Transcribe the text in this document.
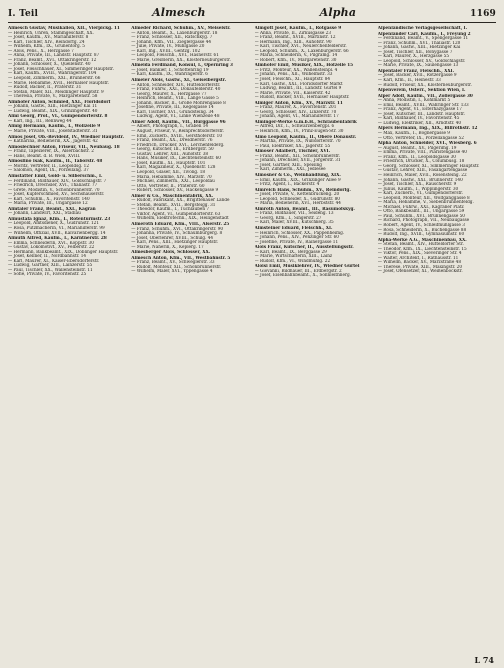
I. Teil	Almesch	Alpha	1169
Almesch Gustav, Musikalien, XII., Vierpickg. 11
— Heinrich, Uhren, Stammgeschäft, XX.
— Josef, Kaufm., XV., Mariahilferstr. 8
— Karl, Tischler, XIV., Reindorfg. 24
— Wilhelm, Kfm., IX., Grünentorg. 5
— Alois, Pens., X., Herzgasse 7
— Anna, Private, III., Landstr. Hauptstr. 87
— Franz, Beamt., XVI., Ottakringerstr. 12
— Johann, Schlosser, X., Quellenstr. 40
— Josef, Fleischhauer, XI., Simmeringer Hauptstr.
— Karl, Kaufm., XVIII., Währingerstr. 104
— Leopold, Zimmerm., XXI., Brünnerstr. 66
— Marie, Hebamme, XVII., Hernalser Hauptstr.
— Rudolf, Bäcker, II., Praterstr. 31
— Stefan, Maler, XII., Meidlinger Hauptstr. 9
— Theresia, Private, V., Margaretenstr. 58
Almhofer Anton, Schmied, XXI., Floridsdorf
— Johann, Gastw., XIII., Hietzinger Kai 11
— Ludwig, Beamt., XIX., Grinzingerstr. 40
Almi Georg, Prof., VI., Gumpendorferstr. 8
— Karl, Ing., III., Rennweg 44
Almig Hermann, Kaufm., I., Wollzeile 9
— Marie, Private, VIII., Josefstädterstr. 31
Almos Josef, Ob.-Revident, IV., Wiedner Hauptstr.
— Katharina, Bedienerin, XX., Jägerstr. 42
Almoslechner Anton, Friseur, VII., Neubaug. 18
— Franz, Tapezierer, IX., Alserbachstr. 2
— Hans, Beamt. d. B. Wien, XVIII.
Almoslino Isak, Kaufm., II., Taborstr. 48
— Moritz, Vertreter, II., Leopoldsg. 12
— Salomon, Agent, IX., Porzellang. 37
Almstätter Emil, Gold- u. Silberschm., I.
— Ferdinand, Bildhauer, XIV., Goldschlagstr. 7
— Friedrich, Drechsler, XVI., Thaliastr. 77
— Grete, Modistin, V., Schönbrunnerstr. 70
— Josef, Kupferschmied, XV., Sechshauserstr.
— Karl, Schuhm., X., Favoritenstr. 140
— Maria, Private, III., Ungargasse 12
Almtaler Franz, Beamt., XXI., Kagran
— Johann, Landwirt, XXI., Stadlau
Almustafa Ignaz, Kfm., I., Rotenturmstr. 23
— Leopold, Amtsdiener, X., Gudrunstr. 121
— Rosa, Putzmacherin, VI., Mariahilferstr. 99
— Wilhelm, Offizial, XVII., Kalvarienbergg. 14
Almuth Alfred, Kaufm., I., Kärntnerstr. 28
— Emma, Schneiderin, XVI., Koppstr. 30
— Gustav, Lokomotivf., XV., Felberstr. 22
— Hermann, Bankbeamt., XIX., Döblinger Hauptstr.
— Josef, Kellner, II., Nordbahnstr. 14
— Karl, Maurer, XI., Kaiser-Ebersdorferstr.
— Ludwig, Gärtner, XIII., Lainzerstr. 55
— Paul, Tischler, XX., Wallensteinstr. 11
— Sofie, Private, IV., Favoritenstr. 25
Almeder Richard, Schuhm., XV., Meiselstr.
— Anton, Beamt., X., Laxenburgerstr. 18
— Franz, Schlosser, XII., Ratschkyg. 7
— Johann, Kfm., VII., Zieglergasse 44
— Julie, Private, IV., Mühlgasse 20
— Karl, Ing., XVIII., Gentzg. 102
— Leopold, Fleischh., XVI., Hasnerstr. 61
— Marie, Greißlerin, XX., Klosterneuburgerstr.
Almeida Ferdinand, Konsul, I., Opernring 3
— Josef, Bankier, I., Schottenring 19
— Karl, Kaufm., IX., Währingerstr. 6
Almeier Alois, Gastw., XI., Geiselbergstr.
— Anton, Schneider, XIV., Hütteldorferstr.
— Franz, Fuhrw., XXI., Donaufelderstr. 40
— Georg, Maurer, X., Herzgasse 77
— Heinrich, Beamt., VIII., Lange Gasse 5
— Johann, Bäcker, II., Große Mohrengasse 8
— Josefine, Private, III., Kegelgasse 14
— Karl, Tischler, XVI., Grundsteing. 34
— Ludwig, Agent, VI., Linke Wienzeile 48
Almer Adolf, Kaufm., VII., Burggasse 96
— Albert, Photograph, I., Graben 14
— August, Friseur, V., Reinprechtsdorferstr.
— Emil, Zuckerb., XVIII., Gersthoferstr. 10
— Franz, Beamt., XX., Dresdnerstr. 76
— Friedrich, Drucker, XVI., Lerchenfelderg.
— Georg, Kutscher, III., Erdbergstr. 50
— Gustav, Lehrer, XIII., Auhofstr. 38
— Hans, Musiker, IX., Liechtensteinstr. 60
— Josef, Kaufm., XI., Hauptstr. 101
— Karl, Magazineur, X., Quellenstr. 128
— Leopold, Glaser, XII., Tivolig. 18
— Maria, Hebamme, XIV., Märzstr. 70
— Michael, Zimmerm., XXI., Leopoldau
— Otto, Vertreter, II., Praterstr. 60
— Robert, Schlosser, XV., Hackengasse 9
Almer & Co., Maschinenfabrik, XX.
— Rudolf, Fabrikant, XX., Brigittenauer Lände
— Stefan, Beamt., XVII., Bergsteigg. 31
— Theodor, Kaufm., I., Tuchlauben 7
— Viktor, Agent, VI., Gumpendorferstr. 63
— Wilhelm, Elektrotechn., XIX., Heiligenstadt
Almeroth Eduard, Kfm., VIII., Alserstr. 25
— Franz, Schuhm., XVI., Ottakringerstr. 90
— Johanna, Private, IV., Schaumburgerg. 8
— Josef, Oberlehrer, XVIII., Schulg. 44
— Karl, Pens., XIII., Hietzinger Hauptstr.
— Marie, Näherin, X., Keplerg. 17
Almesberger Alois, Schlosser, XX.
Almesch Anton, Kfm., VII., Westbahnstr. 5
— Franz, Beamt., XV., Schweglerstr. 33
— Rudolf, Monteur, XII., Schönbrunnerstr.
— Wilhelm, Maler, XVI., Yppengasse 4
Almgott Josef, Kaufm., I., Rotgasse 9
— Anna, Private, II., Zirkusgasse 23
— Franz, Beamt., XVIII., Martinstr. 12
— Hermann, Ing., XIII., Auhofstr. 90
— Karl, Tischler, XVI., Neulerchenfelderstr.
— Leopold, Schuhm., X., Laxenburgerstr. 66
— Maria, Schneiderin, V., Pilgramg. 14
— Robert, Kfm., IV., Margaretenstr. 30
Almhofer Emil, Musiker, XIX., Hofzeile 15
— Fritz, Monteur, XX., Wallensteinpl. 4
— Johann, Pens., XII., Wilhelmstr. 33
— Josef, Fleischh., XI., Hauptstr. 84
— Karl, Gastw., XXI., Floridsdorfer Markt
— Ludwig, Beamt., III., Landstr. Gürtel 9
— Marie, Private, VII., Kaiserstr. 42
— Rudolf, Bäcker, XVII., Hernalser Hauptstr.
Almiger Anton, Kfm., XV., Märzstr. 11
— Franz, Maurer, X., Favoritenstr. 201
— Georg, Schlosser, XIV., Linzerstr. 70
— Johann, Agent, VI., Mariahilferstr. 17
Alminger-Werke G.m.b.H., Schraubenfabrik
— Alfred, Dir., I., Schwarzenbergpl. 6
— Heinrich, Kfm., IV., Prinz-Eugen-Str. 30
Almo Leopold, Kaufm., II., Obere Donaustr.
— Martha, Private, IX., Nußdorferstr. 70
— Paul, Elektriker, XX., Jägerstr. 55
Almoser Adalbert, Tischler, XVI.
— Franz, Beamt., XII., Schönbrunnerstr.
— Johann, Drechsler, XVII., Jörgerstr. 31
— Josef, Gärtner, XIII., Speising
— Karl, Zimmerm., XXI., Jedlesee
Almosner & Co., Weinhandlung, XIX.
— Emil, Kaufm., XIX., Grinzinger Allee 9
— Fritz, Agent, I., Bäckerstr. 4
Almreich Hans, Schuhm., XV., Reindorfg.
— Josef, Private, V., Kettenbrückeng. 20
— Leopold, Schneider, X., Gudrunstr. 80
— Maria, Bedienerin, XVI., Herbststr. 44
Almroth Anton, Beamt., III., Rasumofskyg.
— Franz, Bildhauer, VII., Seideng. 13
— Georg, Kfm., I., Singerstr. 27
— Karl, Maler, XVIII., Kutschkerg. 35
Almsteiner Eduard, Fleischh., XI.
— Heinrich, Schlosser, XX., Pappenheimg.
— Johann, Pens., XIV., Penzinger Str. 60
— Josefine, Private, IV., Rainergasse 11
Alois Franz, Kutscher, II., Ausstellungsstr.
— Karl, Beamt., IX., Berggasse 29
— Marie, Wirtschafterin, XIII., Lainz
— Rudolf, Kfm., VI., Windmühlg. 22
Aloisi Emil, Musiklehrer, IV., Wiedner Gürtel
— Giovanni, Bildhauer, III., Erdbergstr. 2
— Josef, Eisenbahnbeamt., X., Sonnleithnerg.
Alpenländische Verlagsgesellschaft, I.
Alpenländer Carl, Kaufm., I., Freyung 2
— Ferdinand, Beamt., V., Spengergasse 11
— Franz, Schuhm., XVI., Thaliastr. 120
— Johann, Gastw., XIII., Hietzinger Kai
— Josef, Tischler, XII., Bonygasse 7
— Karl, Maurer, X., Herzgasse 55
— Leopold, Schlosser, XV., Goldschlagstr.
— Marie, Private, IX., Säulengasse 13
Alpentaler Franz, Fleischh., XXI.
— Josef, Bäcker, XVII., Rötzergasse 9
— Karl, Kfm., II., Heinestr. 33
— Rudolf, Friseur, XX., Klosterneuburgerstr.
Alpenverein, Österr., Sektion Wien, I.
Alper Adolf, Kaufm., VII., Zollergasse 30
— Anna, Modistin, I., Kohlmarkt 5
— Emil, Beamt., XVIII., Währinger Str. 133
— Franz, Agent, VI., Esterhazygasse 17
— Josef, Kutscher, III., Landstr. Hauptstr.
— Karl, Bildhauer, IV., Favoritenstr. 45
— Ludwig, Elektriker, XII., Arndtstr. 40
Alpers Hermann, Ing., XIX., Billrothstr. 12
— Max, Kaufm., I., Bognergasse 9
— Otto, Vertreter, IX., Porzellangasse 52
Alpha Anton, Schneider, XVI., Wiesberg. 6
— August, Beamt., XV., Pilgerimg. 19
— Emma, Private, VIII., Piaristengasse 40
— Franz, Kfm., II., Leopoldsgasse 30
— Friedrich, Drucker, X., Columbusg. 18
— Georg, Schlosser, XI., Simmeringer Hauptstr.
— Gustav, Lehrer, XIII., Fasangartengasse
— Heinrich, Maler, XVII., Rosensteing. 22
— Johann, Gastw., XXI., Brünnerstr. 140
— Josef, Tischler, XX., Rauscherstr. 9
— Julius, Kaufm., I., Wipplingerstr. 30
— Karl, Zuckerb., VI., Gumpendorferstr.
— Leopold, Monteur, XII., Wolfganggasse 8
— Maria, Hebamme, V., Siebenbrunnenfeldg.
— Michael, Fuhrw., XXI., Kagraner Platz
— Otto, Bankbeamt., III., Ungargasse 59
— Paul, Schuhm., XVI., Brunnengasse 50
— Richard, Photograph, VII., Neubaugasse
— Robert, Agent, IV., Schleifmühlgasse 3
— Rosa, Schneiderin, X., Buchengasse 88
— Rudolf, Ing., XVIII., Gymnasiumstr. 60
Alpha-Werke A.G., Maschinenbau, XX.
— Stefan, Beamt., XIV., Hütteldorfer Str.
— Theodor, Kfm., IX., Liechtensteinstr. 15
— Viktor, Pens., XIX., Sieveringer Str. 4
— Walter, Architekt, I., Rathausstr. 11
— Wilhelm, Bäcker, XV., Märzstraße 48
— Therese, Private, XIII., Maxingstr. 20
— Josef, Ofensetzer, XI., Weißenböckstr.
L 74
